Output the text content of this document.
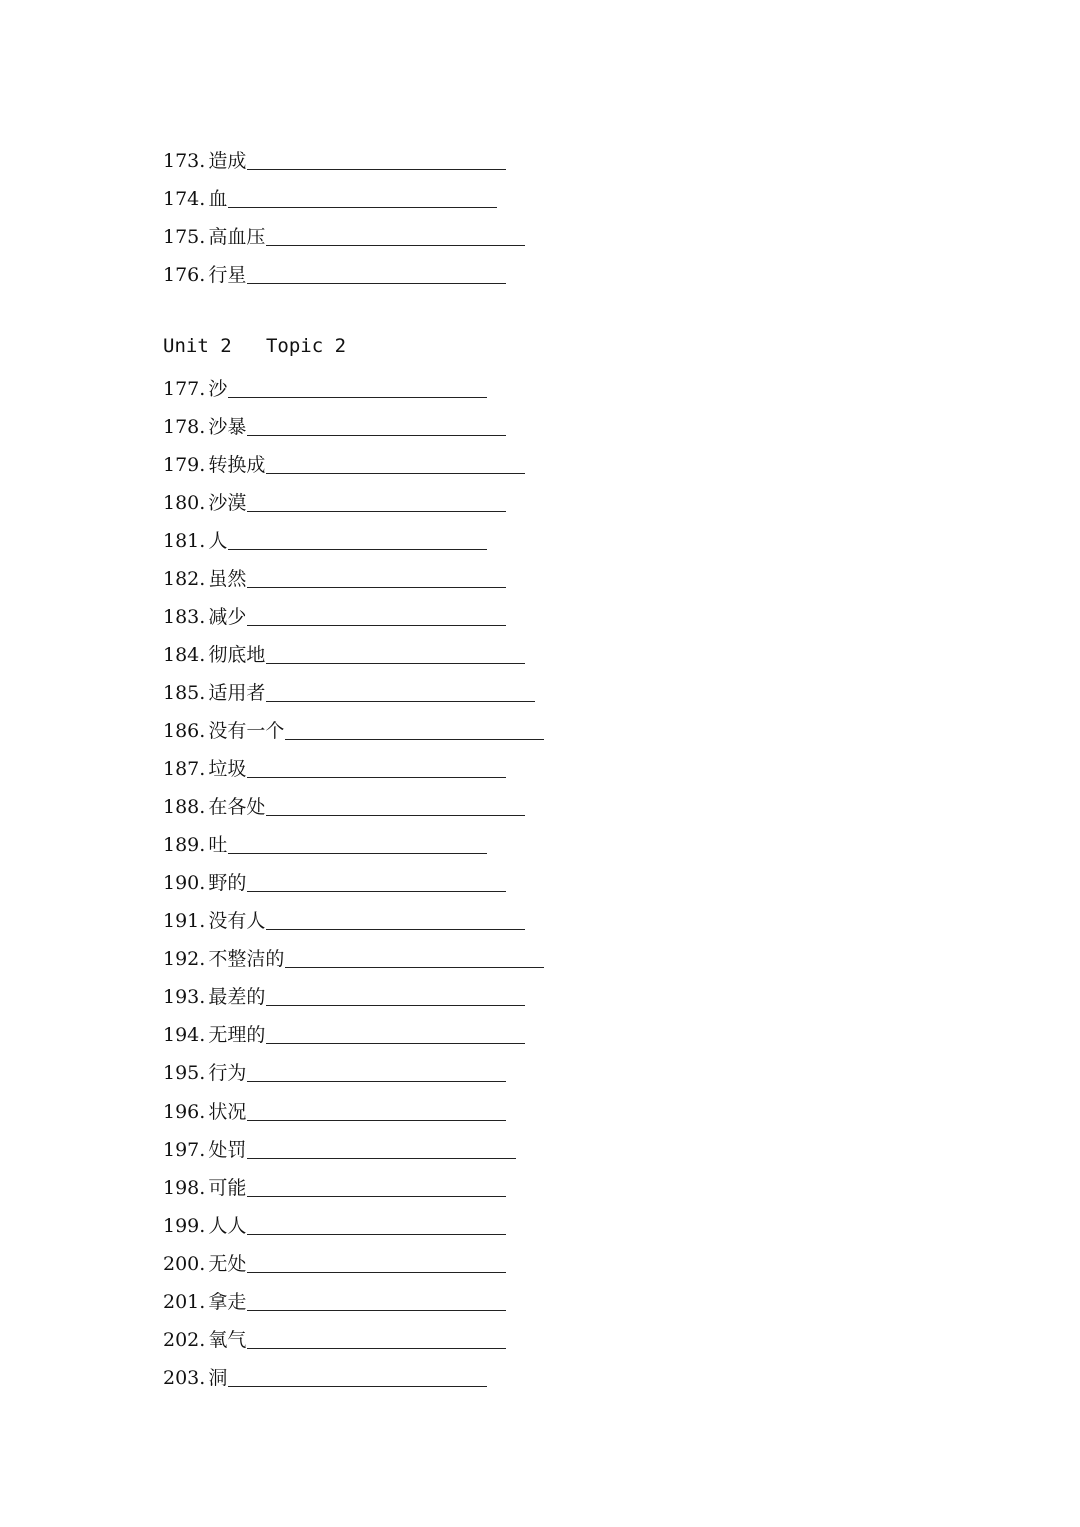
173. 造成
174. 血
175. 高血压
176. 行星
Unit 2   Topic 2
177. 沙
178. 沙暴
179. 转换成
180. 沙漠
181. 人
182. 虽然
183. 减少
184. 彻底地
185. 适用者
186. 没有一个
187. 垃圾
188. 在各处
189. 吐
190. 野的
191. 没有人
192. 不整洁的
193. 最差的
194. 无理的
195. 行为
196. 状况
197. 处罚
198. 可能
199. 人人
200. 无处
201. 拿走
202. 氧气
203. 洞
